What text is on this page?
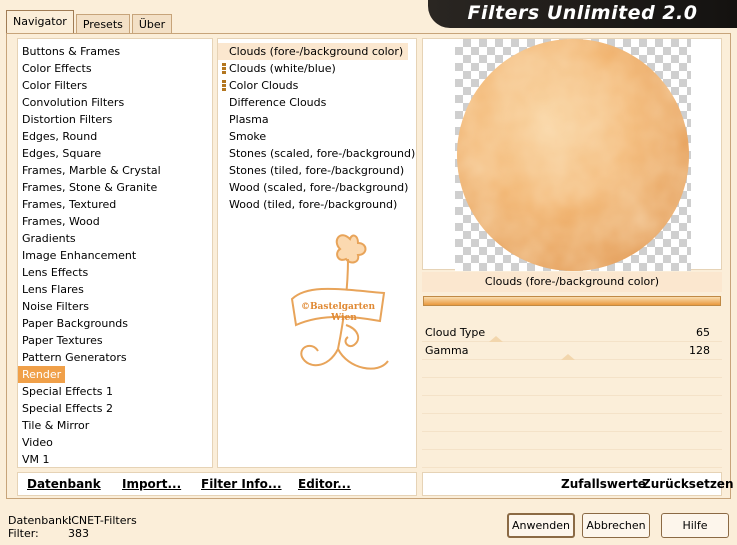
Filters Unlimited 2.0
Navigator	Presets	Über
Buttons & Frames
Color Effects
Color Filters
Convolution Filters
Distortion Filters
Edges, Round
Edges, Square
Frames, Marble & Crystal
Frames, Stone & Granite
Frames, Textured
Frames, Wood
Gradients
Image Enhancement
Lens Effects
Lens Flares
Noise Filters
Paper Backgrounds
Paper Textures
Pattern Generators
Render
Special Effects 1
Special Effects 2
Tile & Mirror
Video
VM 1
Clouds (fore-/background color)
Clouds (white/blue)
Color Clouds
Difference Clouds
Plasma
Smoke
Stones (scaled, fore-/background)
Stones (tiled, fore-/background)
Wood (scaled, fore-/background)
Wood (tiled, fore-/background)
©Bastelgarten
Wien
Clouds (fore-/background color)
Cloud Type	65
Gamma	128
Datenbank Import... Filter Info... Editor...	Zufallswerte
Zurücksetzen
Datenbank:ICNET-Filters
Filter:	383
Anwenden	Abbrechen	Hilfe
